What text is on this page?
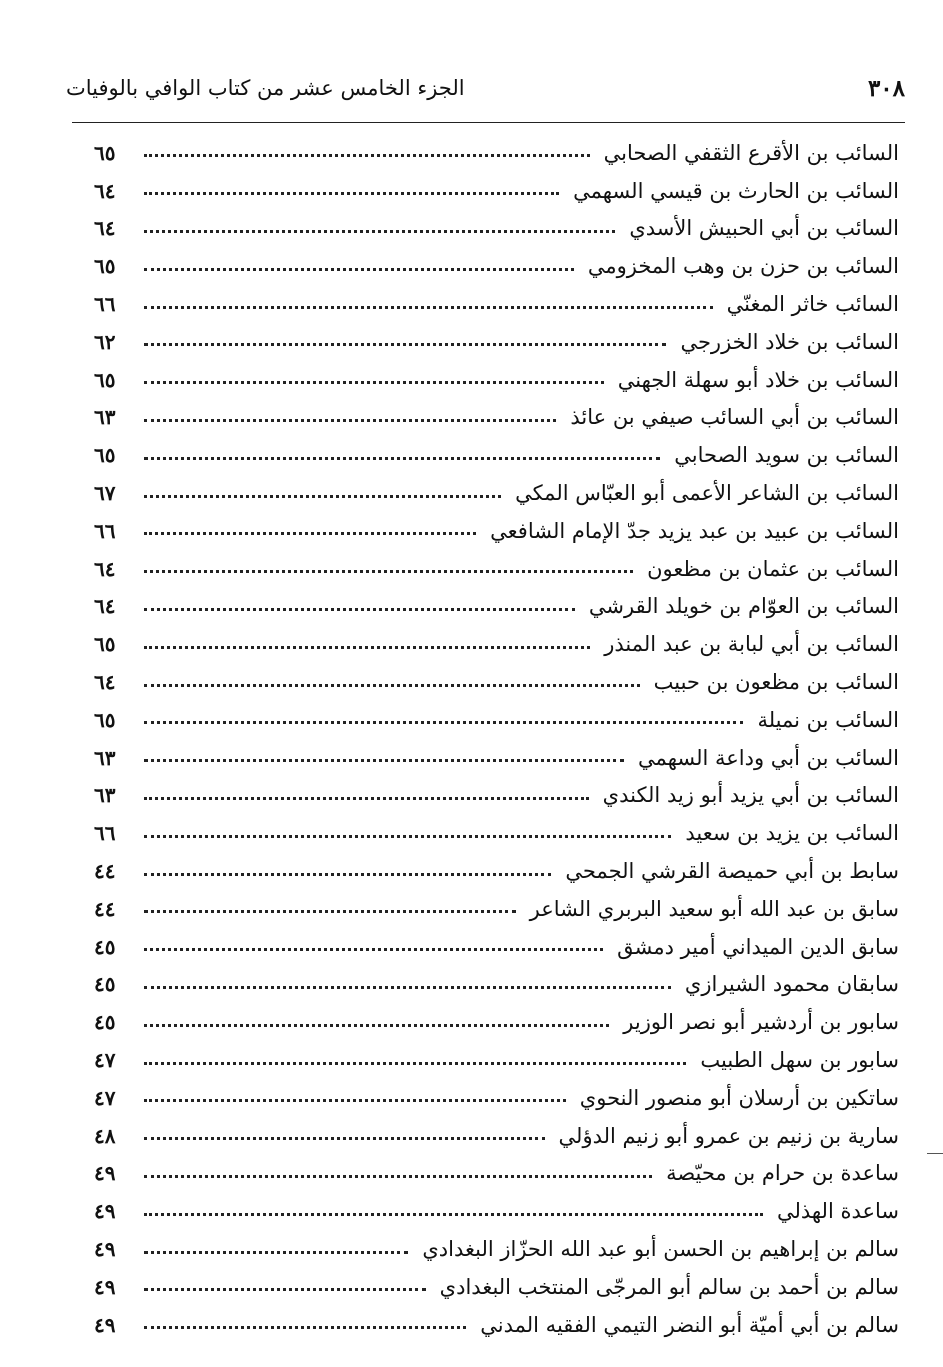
٣٠٨
الجزء الخامس عشر من كتاب الوافي بالوفيات
السائب بن الأقرع الثقفي الصحابي
٦٥
السائب بن الحارث بن قيسي السهمي
٦٤
السائب بن أبي الحبيش الأسدي
٦٤
السائب بن حزن بن وهب المخزومي
٦٥
السائب خاثر المغنّي
٦٦
السائب بن خلاد الخزرجي
٦٢
السائب بن خلاد أبو سهلة الجهني
٦٥
السائب بن أبي السائب صيفي بن عائذ
٦٣
السائب بن سويد الصحابي
٦٥
السائب بن الشاعر الأعمى أبو العبّاس المكي
٦٧
السائب بن عبيد بن عبد يزيد جدّ الإمام الشافعي
٦٦
السائب بن عثمان بن مظعون
٦٤
السائب بن العوّام بن خويلد القرشي
٦٤
السائب بن أبي لبابة بن عبد المنذر
٦٥
السائب بن مظعون بن حبيب
٦٤
السائب بن نميلة
٦٥
السائب بن أبي وداعة السهمي
٦٣
السائب بن أبي يزيد أبو زيد الكندي
٦٣
السائب بن يزيد بن سعيد
٦٦
سابط بن أبي حميصة القرشي الجمحي
٤٤
سابق بن عبد الله أبو سعيد البربري الشاعر
٤٤
سابق الدين الميداني أمير دمشق
٤٥
سابقان محمود الشيرازي
٤٥
سابور بن أردشير أبو نصر الوزير
٤٥
سابور بن سهل الطبيب
٤٧
ساتكين بن أرسلان أبو منصور النحوي
٤٧
سارية بن زنيم بن عمرو أبو زنيم الدؤلي
٤٨
ساعدة بن حرام بن محيّصة
٤٩
ساعدة الهذلي
٤٩
سالم بن إبراهيم بن الحسن أبو عبد الله الحزّاز البغدادي
٤٩
سالم بن أحمد بن سالم أبو المرجّى المنتخب البغدادي
٤٩
سالم بن أبي أميّة أبو النضر التيمي الفقيه المدني
٤٩
